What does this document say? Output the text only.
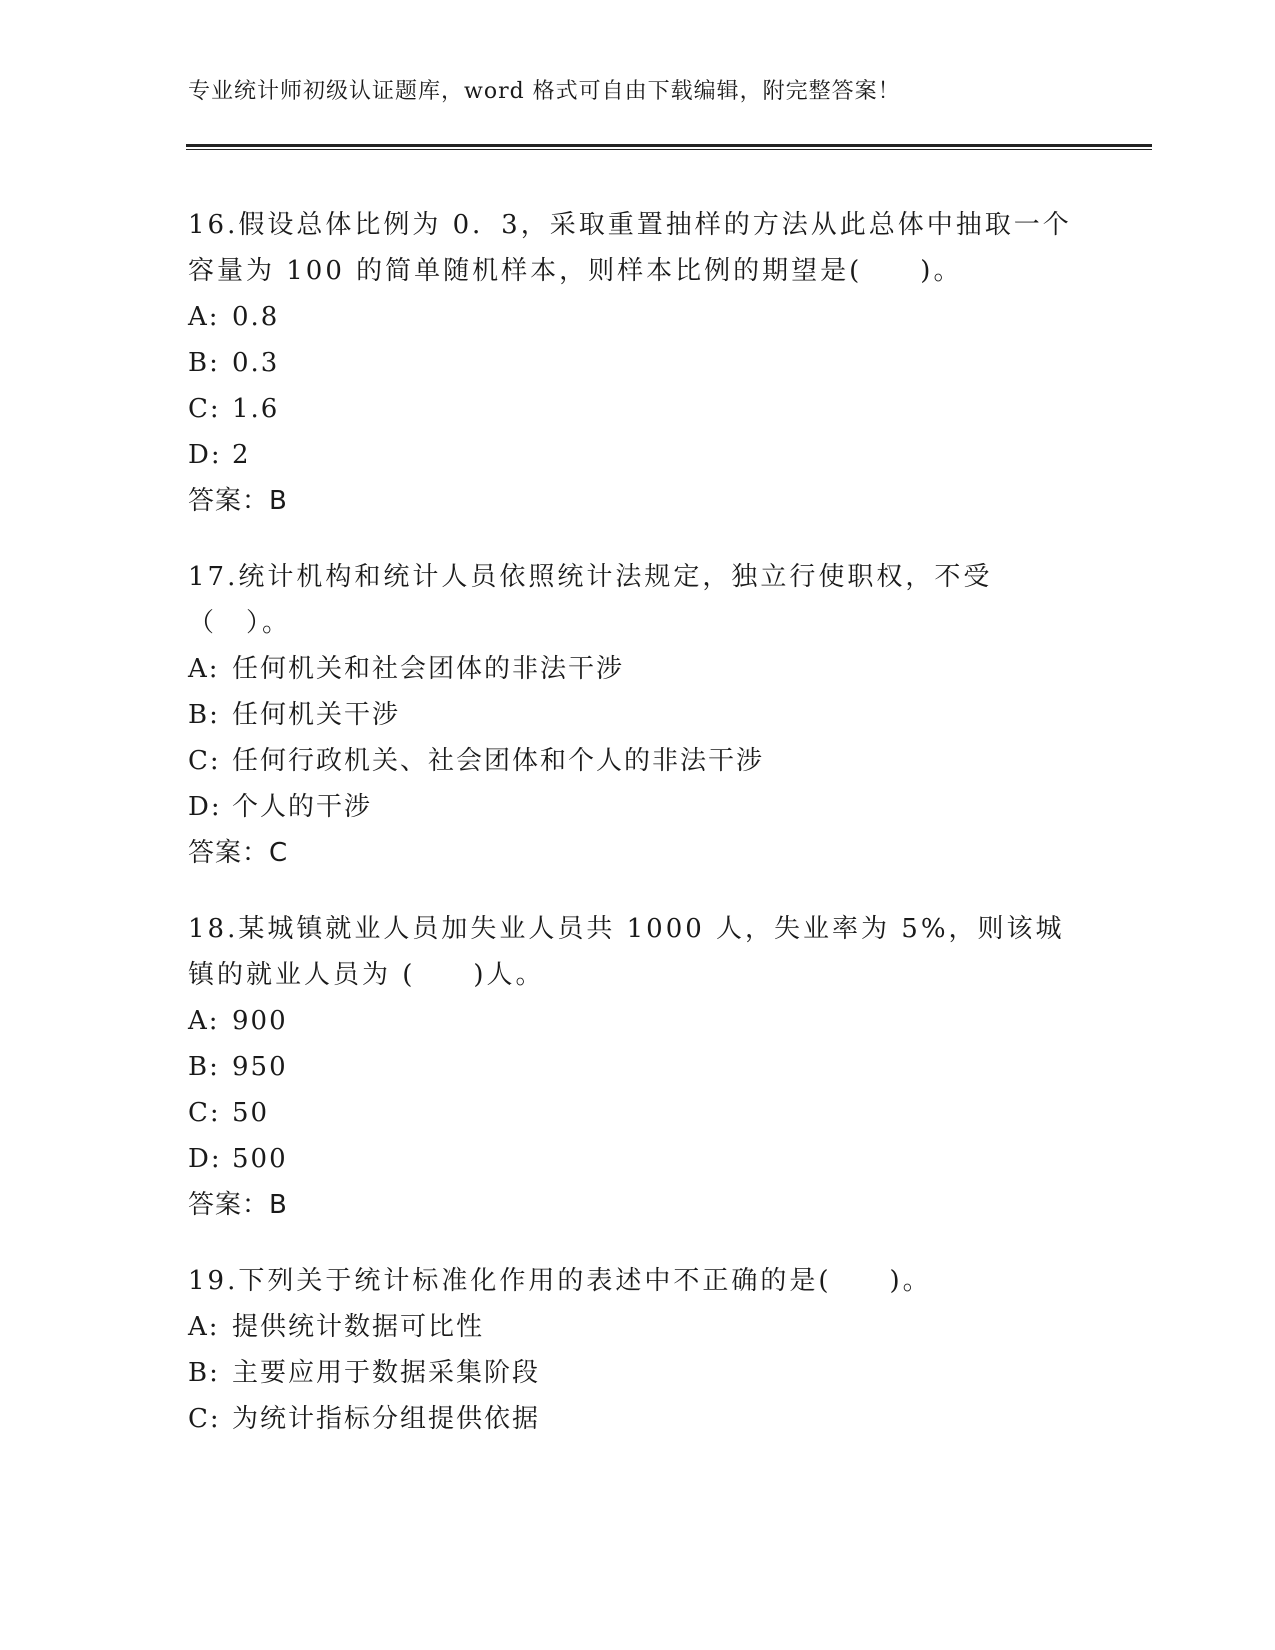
专业统计师初级认证题库，word 格式可自由下载编辑，附完整答案！

16.假设总体比例为 0．3，采取重置抽样的方法从此总体中抽取一个容量为 100 的简单随机样本，则样本比例的期望是(　　)。

A: 0.8
B: 0.3
C: 1.6
D: 2
答案：B

17.统计机构和统计人员依照统计法规定，独立行使职权，不受（　）。

A: 任何机关和社会团体的非法干涉
B: 任何机关干涉
C: 任何行政机关、社会团体和个人的非法干涉
D: 个人的干涉
答案：C

18.某城镇就业人员加失业人员共 1000 人，失业率为 5%，则该城镇的就业人员为 (　　)人。

A: 900
B: 950
C: 50
D: 500
答案：B

19.下列关于统计标准化作用的表述中不正确的是(　　)。

A: 提供统计数据可比性
B: 主要应用于数据采集阶段
C: 为统计指标分组提供依据
